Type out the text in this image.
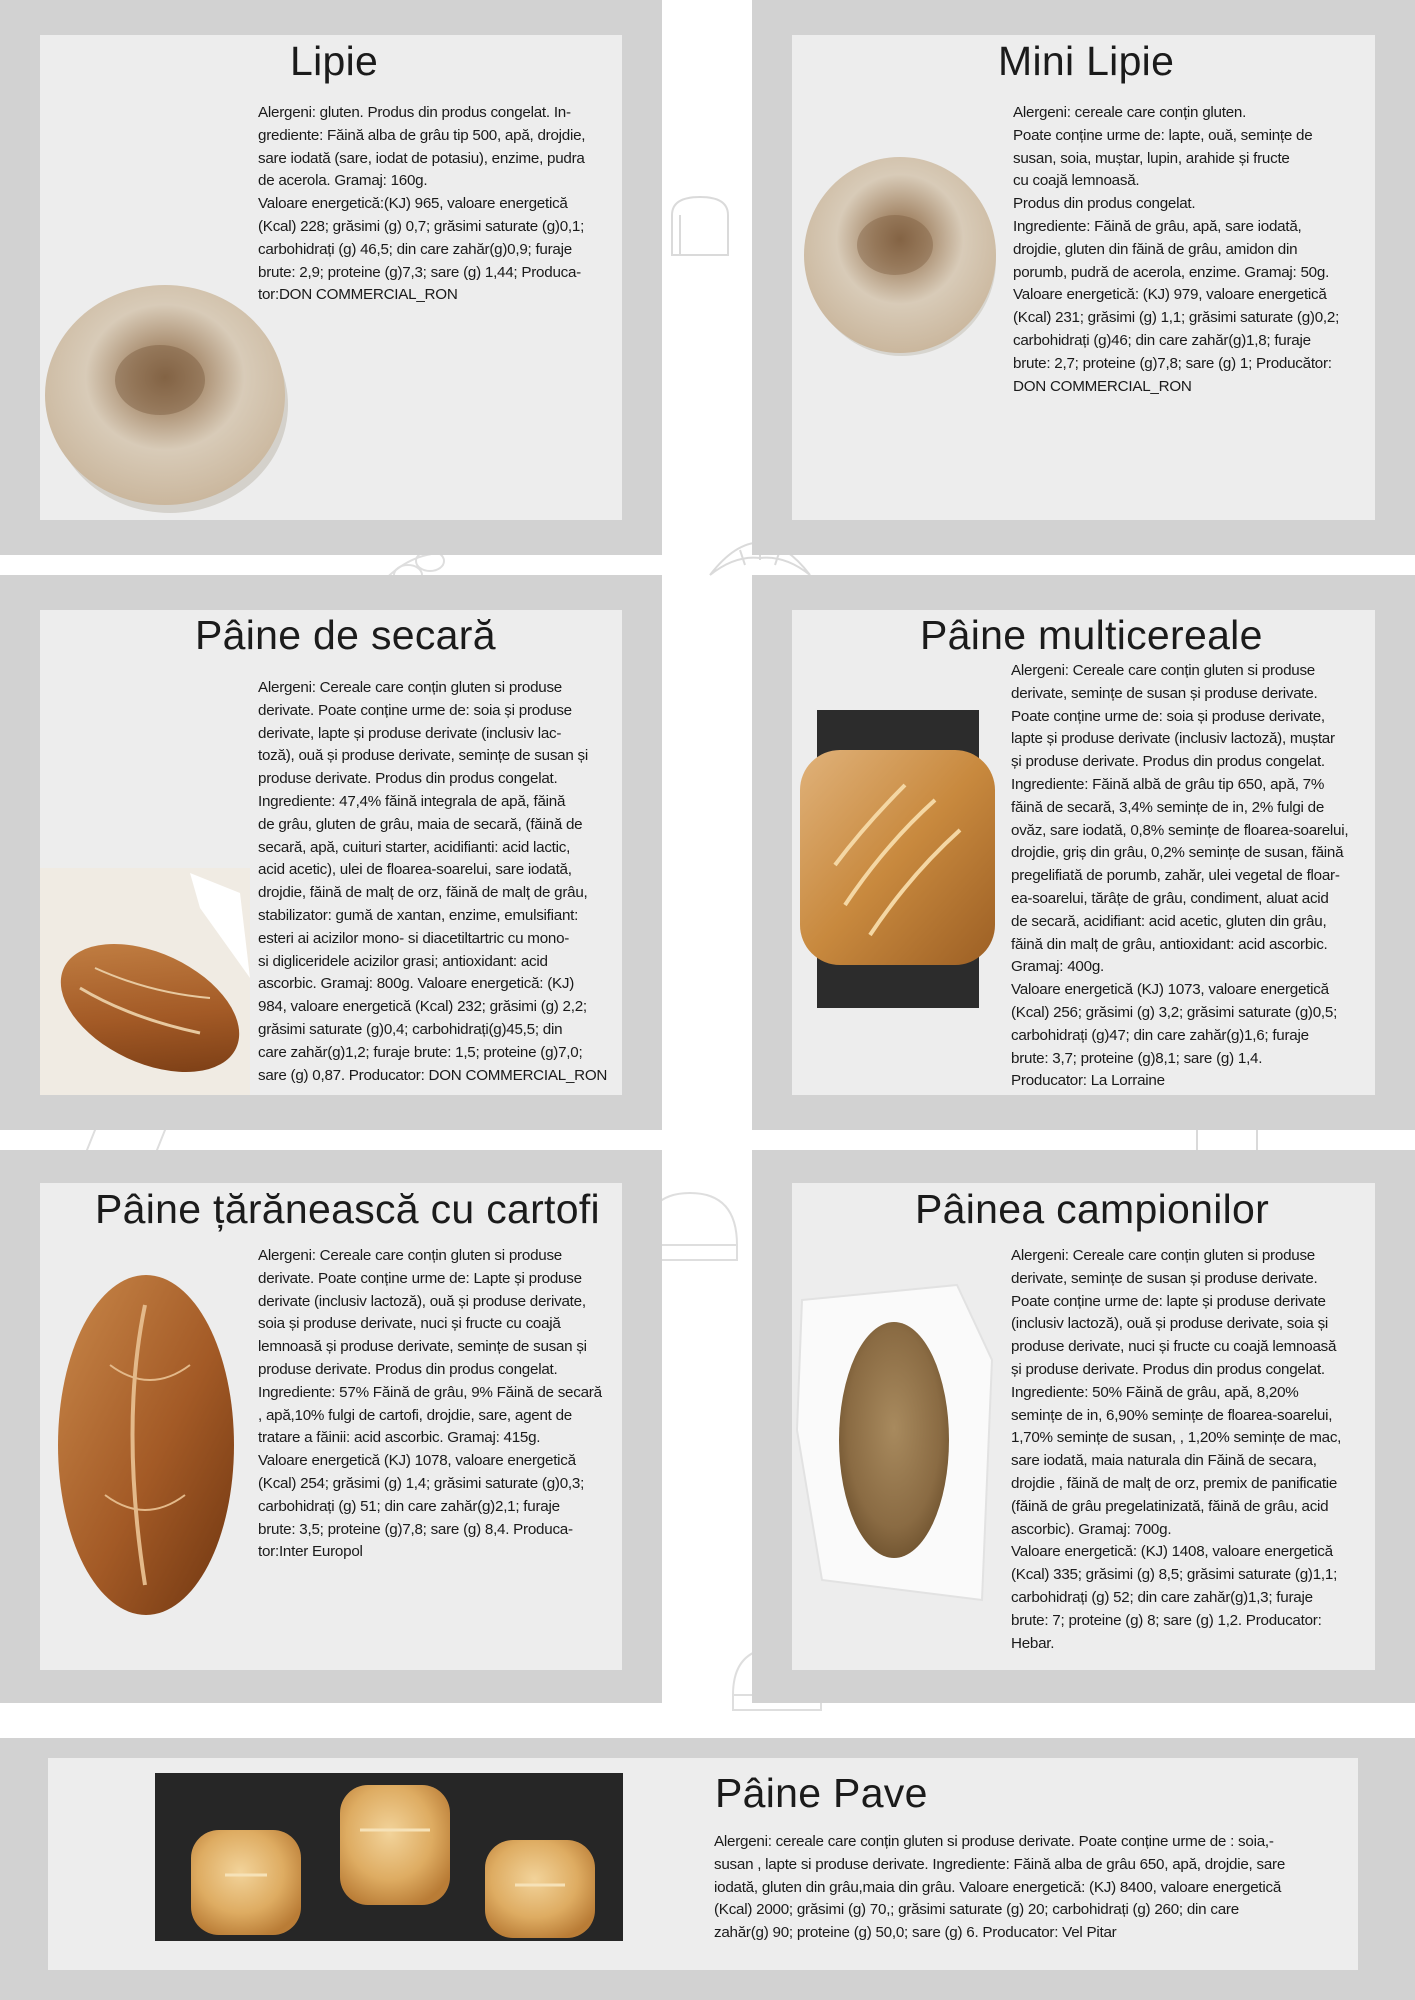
Lipie
Alergeni: gluten. Produs din produs congelat. In-
grediente: Făină alba de grâu tip 500, apă, drojdie,
sare iodată (sare, iodat de potasiu), enzime, pudra
de acerola. Gramaj: 160g.
Valoare energetică:(KJ) 965, valoare energetică
(Kcal) 228; grăsimi (g) 0,7; grăsimi saturate (g)0,1;
carbohidrați (g) 46,5; din care zahăr(g)0,9; furaje
brute: 2,9; proteine (g)7,3; sare (g) 1,44; Producа-
tor:DON COMMERCIAL_RON
Mini Lipie
Alergeni: cereale care conțin gluten.
Poate conține urme de: lapte, ouă, semințe de
susan, soia, muștar, lupin, arahide și fructe
cu coajă lemnoasă.
Produs din produs congelat.
Ingrediente: Făină de grâu, apă, sare iodată,
drojdie, gluten din făină de grâu, amidon din
porumb, pudră de acerola, enzime. Gramaj: 50g.
Valoare energetică: (KJ) 979, valoare energetică
(Kcal) 231; grăsimi (g) 1,1; grăsimi saturate (g)0,2;
carbohidrați (g)46; din care zahăr(g)1,8; furaje
brute: 2,7; proteine (g)7,8; sare (g) 1; Producător:
DON COMMERCIAL_RON
Pâine de secară
Alergeni: Cereale care conțin gluten si produse
derivate. Poate conține urme de: soia și produse
derivate, lapte și produse derivate (inclusiv lac-
toză), ouă și produse derivate, semințe de susan și
produse derivate. Produs din produs congelat.
Ingrediente: 47,4% făină integrala de apă, făină
de grâu, gluten de grâu, maia de secară, (făină de
secară, apă, cuituri starter, acidifianti: acid lactic,
acid acetic), ulei de floarea-soarelui, sare iodată,
drojdie, făină de malț de orz, făină de malț de grâu,
stabilizator: gumă de xantan, enzime, emulsifiant:
esteri ai acizilor mono- si diacetiltartric cu mono-
si digliceridele acizilor grasi; antioxidant: acid
ascorbic. Gramaj: 800g. Valoare energetică: (KJ)
984, valoare energetică (Kcal) 232; grăsimi (g) 2,2;
grăsimi saturate (g)0,4; carbohidrați(g)45,5; din
care zahăr(g)1,2; furaje brute: 1,5; proteine (g)7,0;
sare (g) 0,87. Producator: DON COMMERCIAL_RON
Pâine multicereale
Alergeni: Cereale care conțin gluten si produse
derivate, semințe de susan și produse derivate.
Poate conține urme de: soia și produse derivate,
lapte și produse derivate (inclusiv lactoză), muștar
și produse derivate. Produs din produs congelat.
Ingrediente: Făină albă de grâu tip 650, apă, 7%
făină de secară, 3,4% semințe de in, 2% fulgi de
ovăz, sare iodată, 0,8% semințe de floarea-soarelui,
drojdie, griș din grâu, 0,2% semințe de susan, făină
pregelifiată de porumb, zahăr, ulei vegetal de floar-
ea-soarelui, tărâțe de grâu, condiment, aluat acid
de secară, acidifiant: acid acetic, gluten din grâu,
făină din malț de grâu, antioxidant: acid ascorbic.
Gramaj: 400g.
Valoare energetică (KJ) 1073, valoare energetică
(Kcal) 256; grăsimi (g) 3,2; grăsimi saturate (g)0,5;
carbohidrați (g)47; din care zahăr(g)1,6; furaje
brute: 3,7; proteine (g)8,1; sare (g) 1,4.
Producator: La Lorraine
Pâine țărănească cu cartofi
Alergeni: Cereale care conțin gluten si produse
derivate. Poate conține urme de: Lapte și produse
derivate (inclusiv lactoză), ouă și produse derivate,
soia și produse derivate, nuci și fructe cu coajă
lemnoasă și produse derivate, semințe de susan și
produse derivate. Produs din produs congelat.
Ingrediente: 57% Făină de grâu, 9% Făină de secară
, apă,10% fulgi de cartofi, drojdie, sare, agent de
tratare a făinii: acid ascorbic. Gramaj: 415g.
Valoare energetică (KJ) 1078, valoare energetică
(Kcal) 254; grăsimi (g) 1,4; grăsimi saturate (g)0,3;
carbohidrați (g) 51; din care zahăr(g)2,1; furaje
brute: 3,5; proteine (g)7,8; sare (g) 8,4. Produca-
tor:Inter Europol
Pâinea campionilor
Alergeni: Cereale care conțin gluten si produse
derivate, semințe de susan și produse derivate.
Poate conține urme de: lapte și produse derivate
(inclusiv lactoză), ouă și produse derivate, soia și
produse derivate, nuci și fructe cu coajă lemnoasă
și produse derivate. Produs din produs congelat.
Ingrediente: 50% Făină de grâu, apă, 8,20%
semințe de in, 6,90% semințe de floarea-soarelui,
1,70% semințe de susan, , 1,20% semințe de mac,
sare iodată, maia naturala din Făină de secara,
drojdie , făină de malț de orz, premix de panificatie
(făină de grâu pregelatinizată, făină de grâu, acid
ascorbic). Gramaj: 700g.
Valoare energetică: (KJ) 1408, valoare energetică
(Kcal) 335; grăsimi (g) 8,5; grăsimi saturate (g)1,1;
carbohidrați (g) 52; din care zahăr(g)1,3; furaje
brute: 7; proteine (g) 8; sare (g) 1,2. Producator:
Hebar.
Pâine Pave
Alergeni: cereale care conțin gluten si produse derivate. Poate conține urme de : soia,-
susan , lapte si produse derivate. Ingrediente: Făină alba de grâu 650, apă, drojdie, sare
iodată, gluten din grâu,maia din grâu. Valoare energetică: (KJ) 8400, valoare energetică
(Kcal) 2000; grăsimi (g) 70,; grăsimi saturate (g) 20; carbohidrați (g) 260; din care
zahăr(g) 90; proteine (g) 50,0; sare (g) 6. Producator: Vel Pitar
